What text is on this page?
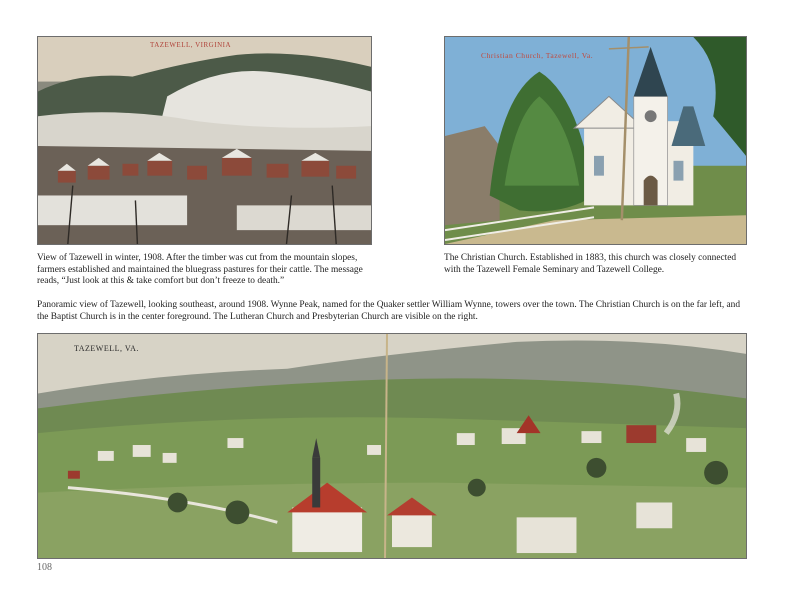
TAZEWELL, VIRGINIA
Christian Church, Tazewell, Va.

View of Tazewell in winter, 1908. After the timber was cut from the mountain slopes, farmers established and maintained the bluegrass pastures for their cattle. The message reads, “Just look at this & take comfort but don’t freeze to death.”

The Christian Church. Established in 1883, this church was closely connected with the Tazewell Female Seminary and Tazewell College.

Panoramic view of Tazewell, looking southeast, around 1908. Wynne Peak, named for the Quaker settler William Wynne, towers over the town. The Christian Church is on the far left, and the Baptist Church is in the center foreground. The Lutheran Church and Presbyterian Church are visible on the right.

TAZEWELL, VA.
108
